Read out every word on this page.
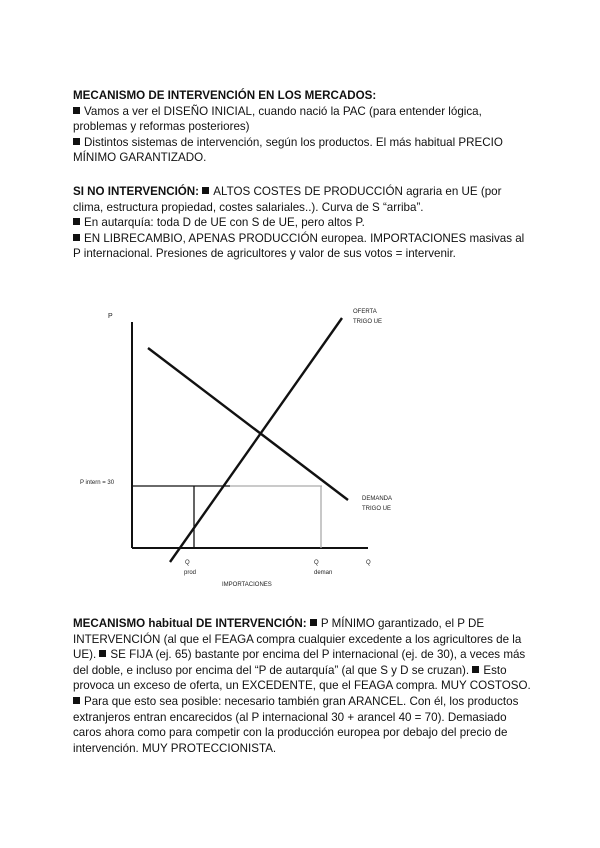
MECANISMO DE INTERVENCIÓN EN LOS MERCADOS:

Vamos a ver el DISEÑO INICIAL, cuando nació la PAC (para entender lógica, problemas y reformas posteriores)

Distintos sistemas de intervención, según los productos. El más habitual PRECIO MÍNIMO GARANTIZADO.

SI NO INTERVENCIÓN: ALTOS COSTES DE PRODUCCIÓN agraria en UE (por clima, estructura propiedad, costes salariales..). Curva de S “arriba”.

En autarquía: toda D de UE con S de UE, pero altos P.

EN LIBRECAMBIO, APENAS PRODUCCIÓN europea. IMPORTACIONES masivas al P internacional. Presiones de agricultores y valor de sus votos = intervenir.

P
OFERTA
TRIGO UE
DEMANDA
TRIGO UE
P intern = 30
Q
prod
Q
deman
Q
IMPORTACIONES

MECANISMO habitual DE INTERVENCIÓN: P MÍNIMO garantizado, el P DE INTERVENCIÓN (al que el FEAGA compra cualquier excedente a los agricultores de la UE). SE FIJA (ej. 65) bastante por encima del P internacional (ej. de 30), a veces más del doble, e incluso por encima del “P de autarquía” (al que S y D se cruzan). Esto provoca un exceso de oferta, un EXCEDENTE, que el FEAGA compra. MUY COSTOSO. Para que esto sea posible: necesario también gran ARANCEL. Con él, los productos extranjeros entran encarecidos (al P internacional 30 + arancel 40 = 70). Demasiado caros ahora como para competir con la producción europea por debajo del precio de intervención. MUY PROTECCIONISTA.
